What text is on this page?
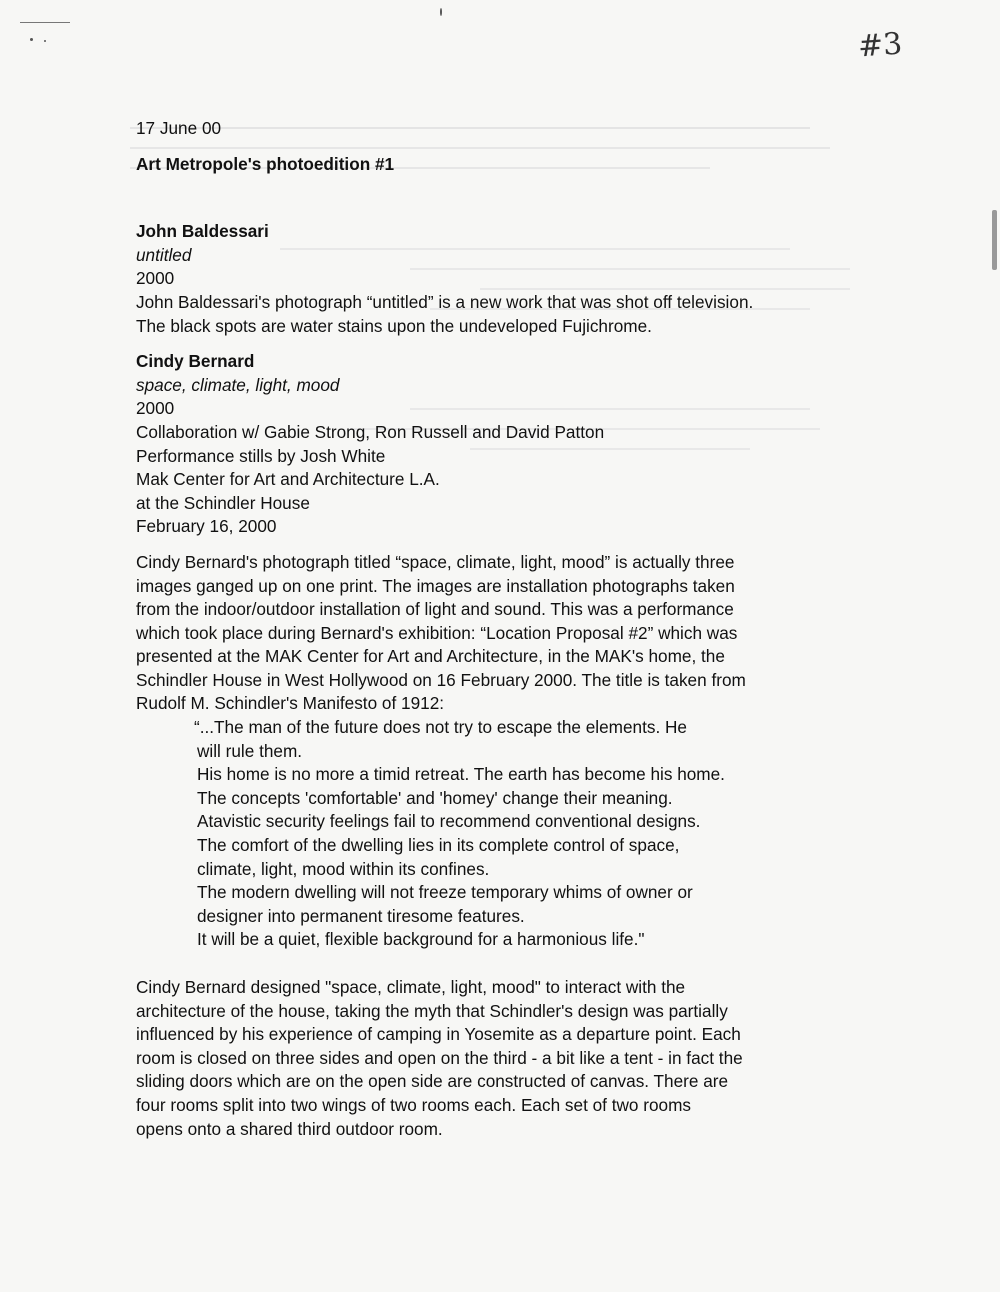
#3
17 June 00
Art Metropole's photoedition #1
John Baldessari
untitled
2000
John Baldessari's photograph “untitled” is a new work that was shot off television.
The black spots are water stains upon the undeveloped Fujichrome.
Cindy Bernard
space, climate, light, mood
2000
Collaboration w/ Gabie Strong, Ron Russell and David Patton
Performance stills by Josh White
Mak Center for Art and Architecture L.A.
at the Schindler House
February 16, 2000
Cindy Bernard's photograph titled “space, climate, light, mood” is actually three
images ganged up on one print. The images are installation photographs taken
from the indoor/outdoor installation of light and sound. This was a performance
which took place during Bernard's exhibition: “Location Proposal #2” which was
presented at the MAK Center for Art and Architecture, in the MAK's home, the
Schindler House in West Hollywood on 16 February 2000. The title is taken from
Rudolf M. Schindler's Manifesto of 1912:
“...The man of the future does not try to escape the elements. He
will rule them.
His home is no more a timid retreat. The earth has become his home.
The concepts 'comfortable' and 'homey' change their meaning.
Atavistic security feelings fail to recommend conventional designs.
The comfort of the dwelling lies in its complete control of space,
climate, light, mood within its confines.
The modern dwelling will not freeze temporary whims of owner or
designer into permanent tiresome features.
It will be a quiet, flexible background for a harmonious life."
Cindy Bernard designed "space, climate, light, mood" to interact with the
architecture of the house, taking the myth that Schindler's design was partially
influenced by his experience of camping in Yosemite as a departure point. Each
room is closed on three sides and open on the third - a bit like a tent - in fact the
sliding doors which are on the open side are constructed of canvas. There are
four rooms split into two wings of two rooms each. Each set of two rooms
opens onto a shared third outdoor room.
